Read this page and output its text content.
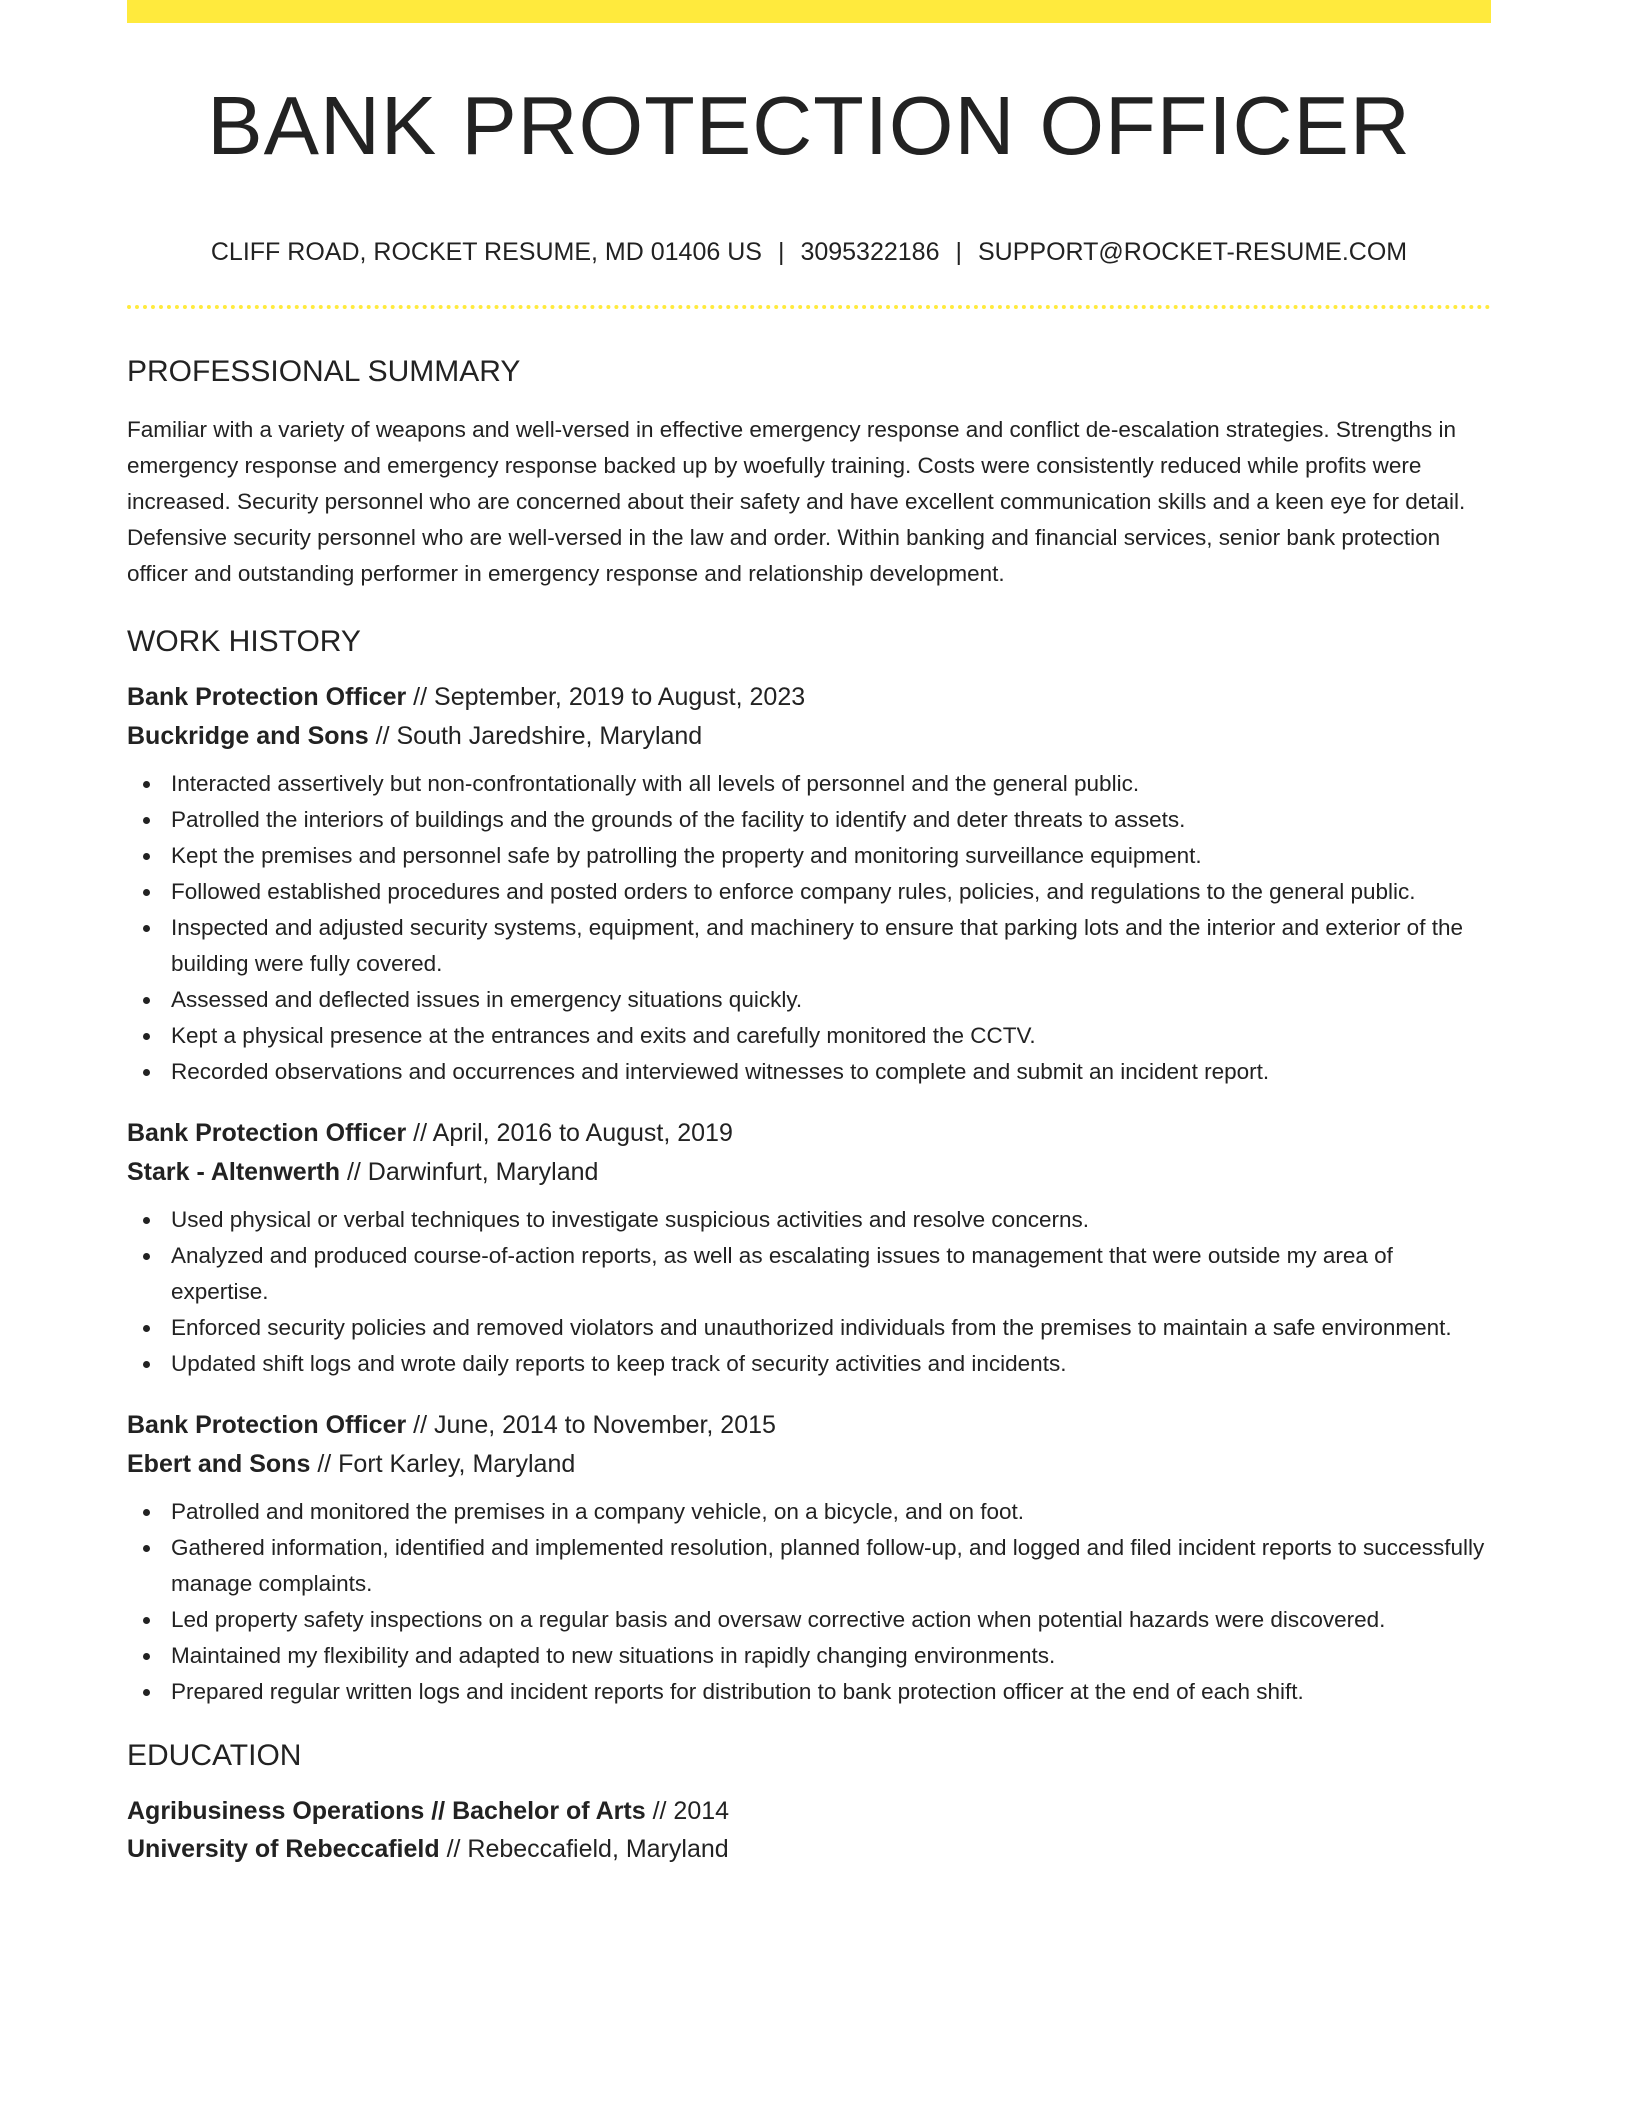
BANK PROTECTION OFFICER
CLIFF ROAD, ROCKET RESUME, MD 01406 US | 3095322186 | SUPPORT@ROCKET-RESUME.COM
PROFESSIONAL SUMMARY

Familiar with a variety of weapons and well-versed in effective emergency response and conflict de-escalation strategies. Strengths in emergency response and emergency response backed up by woefully training. Costs were consistently reduced while profits were increased. Security personnel who are concerned about their safety and have excellent communication skills and a keen eye for detail. Defensive security personnel who are well-versed in the law and order. Within banking and financial services, senior bank protection officer and outstanding performer in emergency response and relationship development.

WORK HISTORY
Bank Protection Officer // September, 2019 to August, 2023
Buckridge and Sons // South Jaredshire, Maryland
Interacted assertively but non-confrontationally with all levels of personnel and the general public.
Patrolled the interiors of buildings and the grounds of the facility to identify and deter threats to assets.
Kept the premises and personnel safe by patrolling the property and monitoring surveillance equipment.
Followed established procedures and posted orders to enforce company rules, policies, and regulations to the general public.
Inspected and adjusted security systems, equipment, and machinery to ensure that parking lots and the interior and exterior of the building were fully covered.
Assessed and deflected issues in emergency situations quickly.
Kept a physical presence at the entrances and exits and carefully monitored the CCTV.
Recorded observations and occurrences and interviewed witnesses to complete and submit an incident report.
Bank Protection Officer // April, 2016 to August, 2019
Stark - Altenwerth // Darwinfurt, Maryland
Used physical or verbal techniques to investigate suspicious activities and resolve concerns.
Analyzed and produced course-of-action reports, as well as escalating issues to management that were outside my area of expertise.
Enforced security policies and removed violators and unauthorized individuals from the premises to maintain a safe environment.
Updated shift logs and wrote daily reports to keep track of security activities and incidents.
Bank Protection Officer // June, 2014 to November, 2015
Ebert and Sons // Fort Karley, Maryland
Patrolled and monitored the premises in a company vehicle, on a bicycle, and on foot.
Gathered information, identified and implemented resolution, planned follow-up, and logged and filed incident reports to successfully manage complaints.
Led property safety inspections on a regular basis and oversaw corrective action when potential hazards were discovered.
Maintained my flexibility and adapted to new situations in rapidly changing environments.
Prepared regular written logs and incident reports for distribution to bank protection officer at the end of each shift.
EDUCATION
Agribusiness Operations // Bachelor of Arts // 2014
University of Rebeccafield // Rebeccafield, Maryland
